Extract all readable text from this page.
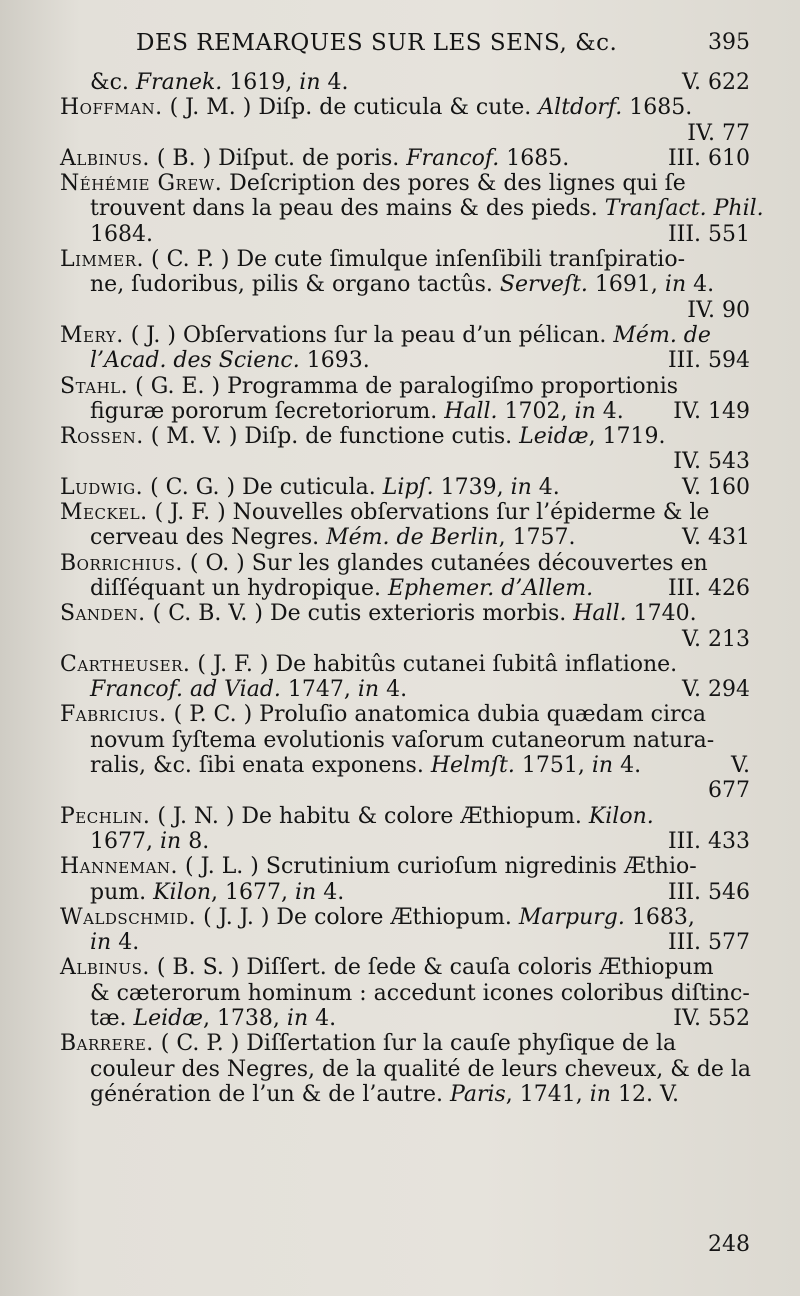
DES REMARQUES SUR LES SENS, &c.	395
&c. Franek. 1619, in 4.	V. 622
Hoffman. ( J. M. ) Diſp. de cuticula & cute. Altdorf. 1685.
IV. 77
Albinus. ( B. ) Diſput. de poris. Francof. 1685.	III. 610
Néhémie Grew. Deſcription des pores & des lignes qui ſe
trouvent dans la peau des mains & des pieds. Tranſact. Phil.
1684.	III. 551
Limmer. ( C. P. ) De cute ſimulque inſenſibili tranſpiratio-
ne, ſudoribus, pilis & organo tactûs. Serveſt. 1691, in 4.
IV. 90
Mery. ( J. ) Obſervations ſur la peau d’un pélican. Mém. de
l’Acad. des Scienc. 1693.	III. 594
Stahl. ( G. E. ) Programma de paralogiſmo proportionis
figuræ pororum ſecretoriorum. Hall. 1702, in 4. IV. 149
Rossen. ( M. V. ) Diſp. de functione cutis. Leidæ, 1719.
IV. 543
Ludwig. ( C. G. ) De cuticula. Lipſ. 1739, in 4.	V. 160
Meckel. ( J. F. ) Nouvelles obſervations ſur l’épiderme & le
cerveau des Negres. Mém. de Berlin, 1757.	V. 431
Borrichius. ( O. ) Sur les glandes cutanées découvertes en
diſſéquant un hydropique. Ephemer. d’Allem.	III. 426
Sanden. ( C. B. V. ) De cutis exterioris morbis. Hall. 1740.
V. 213
Cartheuser. ( J. F. ) De habitûs cutanei ſubitâ inflatione.
Francof. ad Viad. 1747, in 4.	V. 294
Fabricius. ( P. C. ) Proluſio anatomica dubia quædam circa
novum ſyſtema evolutionis vaſorum cutaneorum natura-
ralis, &c. ſibi enata exponens. Helmſt. 1751, in 4.	V.
677
Pechlin. ( J. N. ) De habitu & colore Æthiopum. Kilon.
1677, in 8.	III. 433
Hanneman. ( J. L. ) Scrutinium curioſum nigredinis Æthio-
pum. Kilon, 1677, in 4.	III. 546
Waldschmid. ( J. J. ) De colore Æthiopum. Marpurg. 1683,
in 4.	III. 577
Albinus. ( B. S. ) Diſſert. de ſede & cauſa coloris Æthiopum
& cæterorum hominum : accedunt icones coloribus diſtinc-
tæ. Leidæ, 1738, in 4.	IV. 552
Barrere. ( C. P. ) Diſſertation ſur la cauſe phyſique de la
couleur des Negres, de la qualité de leurs cheveux, & de la
génération de l’un & de l’autre. Paris, 1741, in 12. V.
248
